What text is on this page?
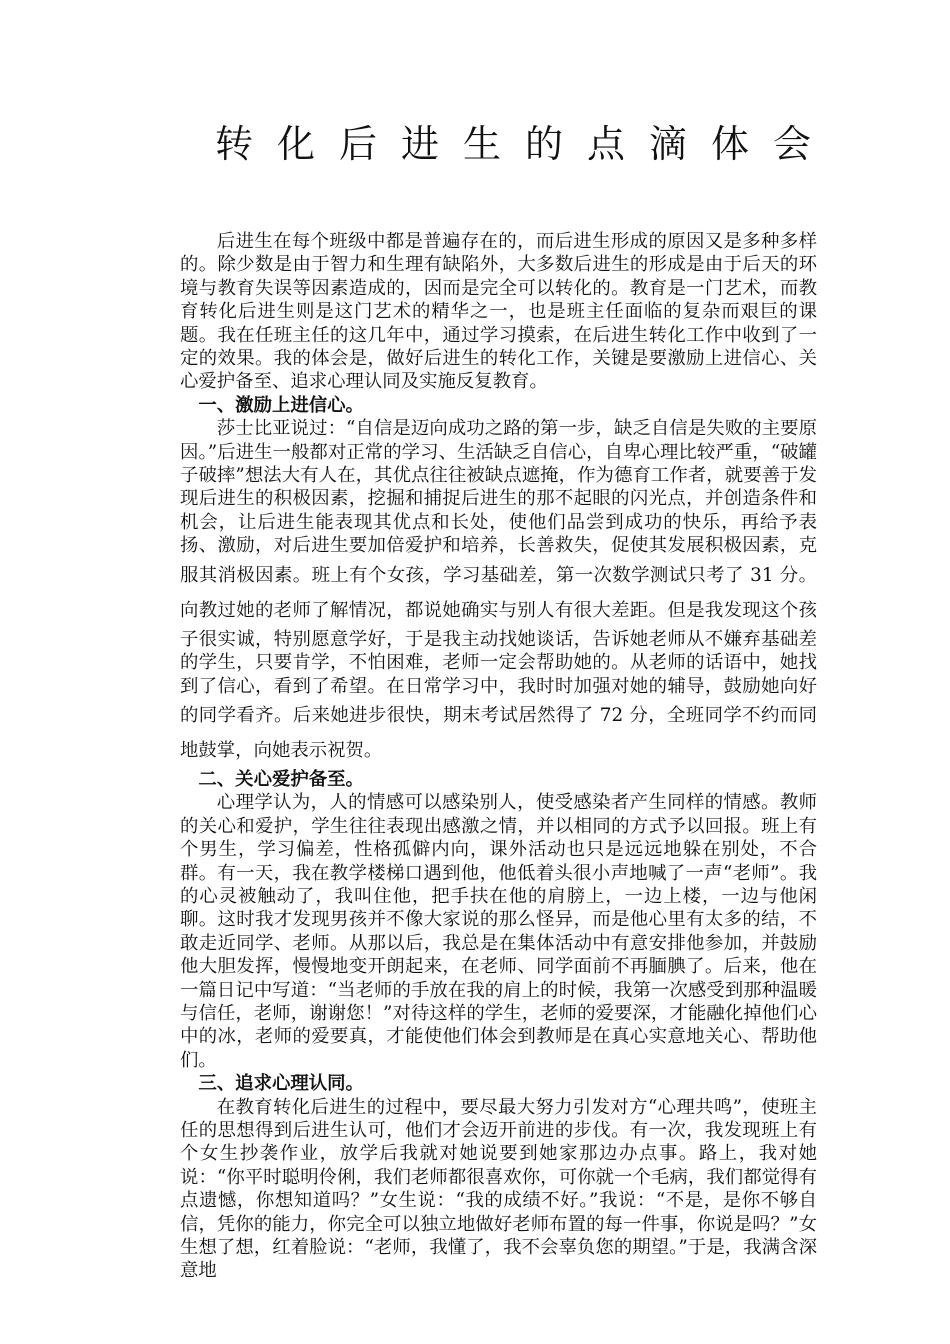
转化后进生的点滴体会

后进生在每个班级中都是普遍存在的，而后进生形成的原因又是多种多样的。除少数是由于智力和生理有缺陷外，大多数后进生的形成是由于后天的环境与教育失误等因素造成的，因而是完全可以转化的。教育是一门艺术，而教育转化后进生则是这门艺术的精华之一，也是班主任面临的复杂而艰巨的课题。我在任班主任的这几年中，通过学习摸索，在后进生转化工作中收到了一定的效果。我的体会是，做好后进生的转化工作，关键是要激励上进信心、关心爱护备至、追求心理认同及实施反复教育。

一、激励上进信心。

莎士比亚说过：“自信是迈向成功之路的第一步，缺乏自信是失败的主要原因。”后进生一般都对正常的学习、生活缺乏自信心，自卑心理比较严重，“破罐子破摔”想法大有人在，其优点往往被缺点遮掩，作为德育工作者，就要善于发现后进生的积极因素，挖掘和捕捉后进生的那不起眼的闪光点，并创造条件和机会，让后进生能表现其优点和长处，使他们品尝到成功的快乐，再给予表扬、激励，对后进生要加倍爱护和培养，长善救失，促使其发展积极因素，克服其消极因素。班上有个女孩，学习基础差，第一次数学测试只考了 31 分。向教过她的老师了解情况，都说她确实与别人有很大差距。但是我发现这个孩子很实诚，特别愿意学好，于是我主动找她谈话，告诉她老师从不嫌弃基础差的学生，只要肯学，不怕困难，老师一定会帮助她的。从老师的话语中，她找到了信心，看到了希望。在日常学习中，我时时加强对她的辅导，鼓励她向好的同学看齐。后来她进步很快，期末考试居然得了 72 分，全班同学不约而同地鼓掌，向她表示祝贺。

二、关心爱护备至。

心理学认为，人的情感可以感染别人，使受感染者产生同样的情感。教师的关心和爱护，学生往往表现出感激之情，并以相同的方式予以回报。班上有个男生，学习偏差，性格孤僻内向，课外活动也只是远远地躲在别处，不合群。有一天，我在教学楼梯口遇到他，他低着头很小声地喊了一声“老师”。我的心灵被触动了，我叫住他，把手扶在他的肩膀上，一边上楼，一边与他闲聊。这时我才发现男孩并不像大家说的那么怪异，而是他心里有太多的结，不敢走近同学、老师。从那以后，我总是在集体活动中有意安排他参加，并鼓励他大胆发挥，慢慢地变开朗起来，在老师、同学面前不再腼腆了。后来，他在一篇日记中写道：“当老师的手放在我的肩上的时候，我第一次感受到那种温暖与信任，老师，谢谢您！”对待这样的学生，老师的爱要深，才能融化掉他们心中的冰，老师的爱要真，才能使他们体会到教师是在真心实意地关心、帮助他们。

三、追求心理认同。

在教育转化后进生的过程中，要尽最大努力引发对方“心理共鸣”，使班主任的思想得到后进生认可，他们才会迈开前进的步伐。有一次，我发现班上有个女生抄袭作业，放学后我就对她说要到她家那边办点事。路上，我对她说：“你平时聪明伶俐，我们老师都很喜欢你，可你就一个毛病，我们都觉得有点遗憾，你想知道吗？”女生说：“我的成绩不好。”我说：“不是，是你不够自信，凭你的能力，你完全可以独立地做好老师布置的每一件事，你说是吗？”女生想了想，红着脸说：“老师，我懂了，我不会辜负您的期望。”于是，我满含深意地
